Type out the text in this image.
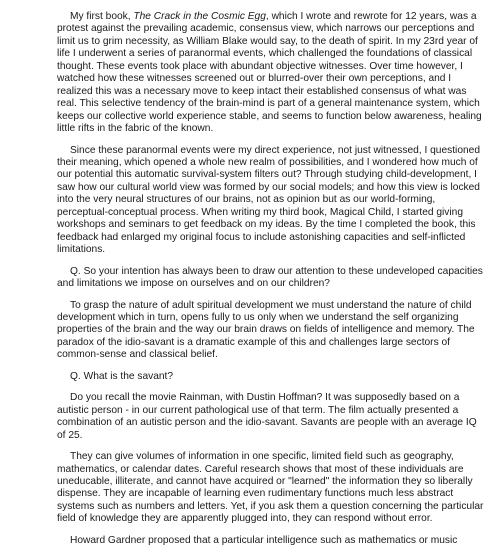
My first book, The Crack in the Cosmic Egg, which I wrote and rewrote for 12 years, was a protest against the prevailing academic, consensus view, which narrows our perceptions and limit us to grim necessity, as William Blake would say, to the death of spirit. In my 23rd year of life I underwent a series of paranormal events, which challenged the foundations of classical thought. These events took place with abundant objective witnesses. Over time however, I watched how these witnesses screened out or blurred-over their own perceptions, and I realized this was a necessary move to keep intact their established consensus of what was real. This selective tendency of the brain-mind is part of a general maintenance system, which keeps our collective world experience stable, and seems to function below awareness, healing little rifts in the fabric of the known.

Since these paranormal events were my direct experience, not just witnessed, I questioned their meaning, which opened a whole new realm of possibilities, and I wondered how much of our potential this automatic survival-system filters out? Through studying child-development, I saw how our cultural world view was formed by our social models; and how this view is locked into the very neural structures of our brains, not as opinion but as our world-forming, perceptual-conceptual process. When writing my third book, Magical Child, I started giving workshops and seminars to get feedback on my ideas. By the time I completed the book, this feedback had enlarged my original focus to include astonishing capacities and self-inflicted limitations.

Q. So your intention has always been to draw our attention to these undeveloped capacities and limitations we impose on ourselves and on our children?

To grasp the nature of adult spiritual development we must understand the nature of child development which in turn, opens fully to us only when we understand the self organizing properties of the brain and the way our brain draws on fields of intelligence and memory. The paradox of the idio-savant is a dramatic example of this and challenges large sectors of common-sense and classical belief.

Q. What is the savant?

Do you recall the movie Rainman, with Dustin Hoffman? It was supposedly based on a autistic person - in our current pathological use of that term. The film actually presented a combination of an autistic person and the idio-savant. Savants are people with an average IQ of 25.

They can give volumes of information in one specific, limited field such as geography, mathematics, or calendar dates. Careful research shows that most of these individuals are uneducable, illiterate, and cannot have acquired or "learned" the information they so liberally dispense. They are incapable of learning even rudimentary functions much less abstract systems such as numbers and letters. Yet, if you ask them a question concerning the particular field of knowledge they are apparently plugged into, they can respond without error.

Howard Gardner proposed that a particular intelligence such as mathematics or music
